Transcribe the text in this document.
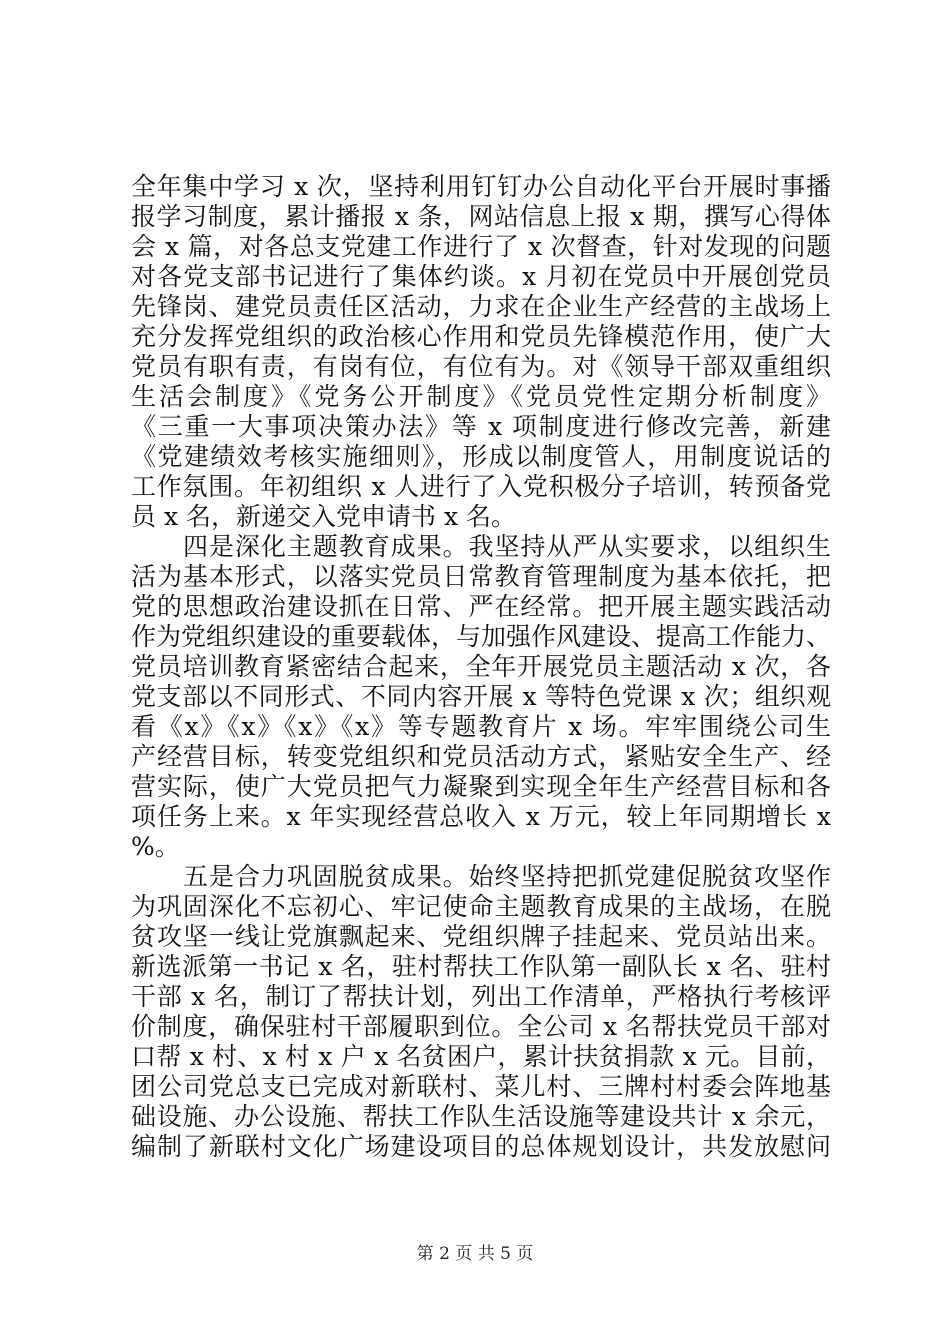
全年集中学习 x 次，坚持利用钉钉办公自动化平台开展时事播
报学习制度，累计播报 x 条，网站信息上报 x 期，撰写心得体
会 x 篇，对各总支党建工作进行了 x 次督查，针对发现的问题
对各党支部书记进行了集体约谈。x 月初在党员中开展创党员
先锋岗、建党员责任区活动，力求在企业生产经营的主战场上
充分发挥党组织的政治核心作用和党员先锋模范作用，使广大
党员有职有责，有岗有位，有位有为。对《领导干部双重组织
生活会制度》《党务公开制度》《党员党性定期分析制度》
《三重一大事项决策办法》等 x 项制度进行修改完善，新建
《党建绩效考核实施细则》，形成以制度管人，用制度说话的
工作氛围。年初组织 x 人进行了入党积极分子培训，转预备党
员 x 名，新递交入党申请书 x 名。
四是深化主题教育成果。我坚持从严从实要求，以组织生
活为基本形式，以落实党员日常教育管理制度为基本依托，把
党的思想政治建设抓在日常、严在经常。把开展主题实践活动
作为党组织建设的重要载体，与加强作风建设、提高工作能力、
党员培训教育紧密结合起来，全年开展党员主题活动 x 次，各
党支部以不同形式、不同内容开展 x 等特色党课 x 次；组织观
看《x》《x》《x》《x》等专题教育片 x 场。牢牢围绕公司生
产经营目标，转变党组织和党员活动方式，紧贴安全生产、经
营实际，使广大党员把气力凝聚到实现全年生产经营目标和各
项任务上来。x 年实现经营总收入 x 万元，较上年同期增长 x
%。
五是合力巩固脱贫成果。始终坚持把抓党建促脱贫攻坚作
为巩固深化不忘初心、牢记使命主题教育成果的主战场，在脱
贫攻坚一线让党旗飘起来、党组织牌子挂起来、党员站出来。
新选派第一书记 x 名，驻村帮扶工作队第一副队长 x 名、驻村
干部 x 名，制订了帮扶计划，列出工作清单，严格执行考核评
价制度，确保驻村干部履职到位。全公司 x 名帮扶党员干部对
口帮 x 村、x 村 x 户 x 名贫困户，累计扶贫捐款 x 元。目前，
团公司党总支已完成对新联村、菜儿村、三牌村村委会阵地基
础设施、办公设施、帮扶工作队生活设施等建设共计 x 余元，
编制了新联村文化广场建设项目的总体规划设计，共发放慰问
第 2 页 共 5 页
